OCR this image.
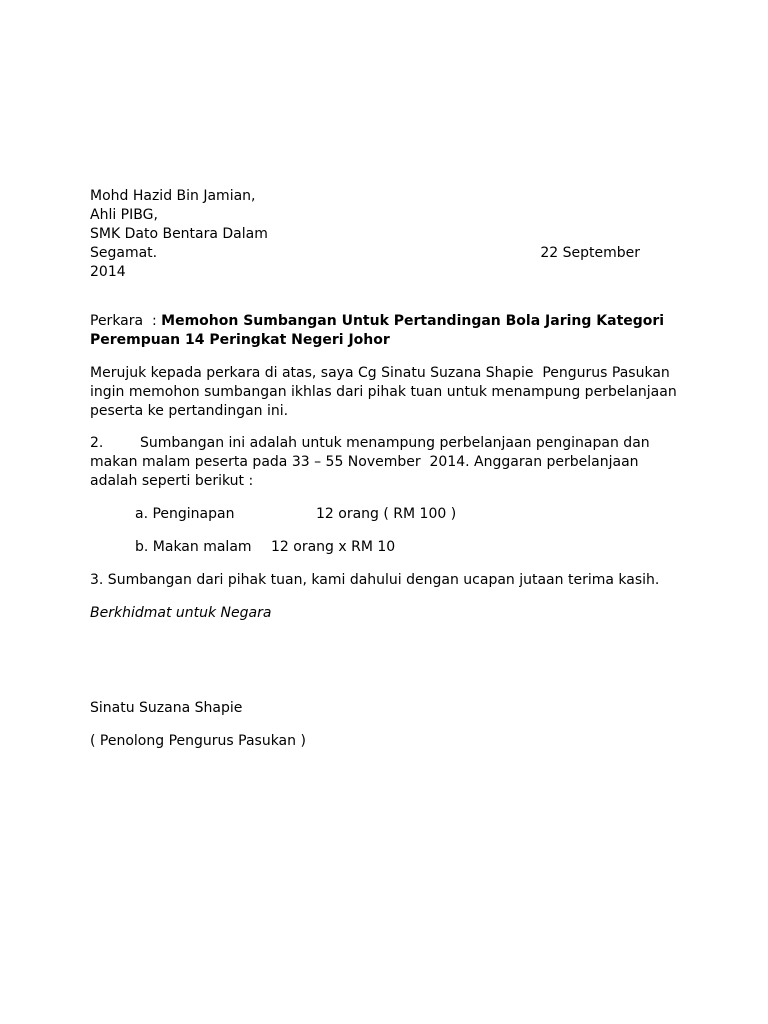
Mohd Hazid Bin Jamian,
Ahli PIBG,
SMK Dato Bentara Dalam
Segamat.	22 September
2014
Perkara  : Memohon Sumbangan Untuk Pertandingan Bola Jaring Kategori
Perempuan 14 Peringkat Negeri Johor
Merujuk kepada perkara di atas, saya Cg Sinatu Suzana Shapie  Pengurus Pasukan
ingin memohon sumbangan ikhlas dari pihak tuan untuk menampung perbelanjaan
peserta ke pertandingan ini.
2.	Sumbangan ini adalah untuk menampung perbelanjaan penginapan dan
makan malam peserta pada 33 – 55 November  2014. Anggaran perbelanjaan
adalah seperti berikut :
a. Penginapan	12 orang ( RM 100 )
b. Makan malam	12 orang x RM 10
3. Sumbangan dari pihak tuan, kami dahului dengan ucapan jutaan terima kasih.
Berkhidmat untuk Negara
Sinatu Suzana Shapie
( Penolong Pengurus Pasukan )
